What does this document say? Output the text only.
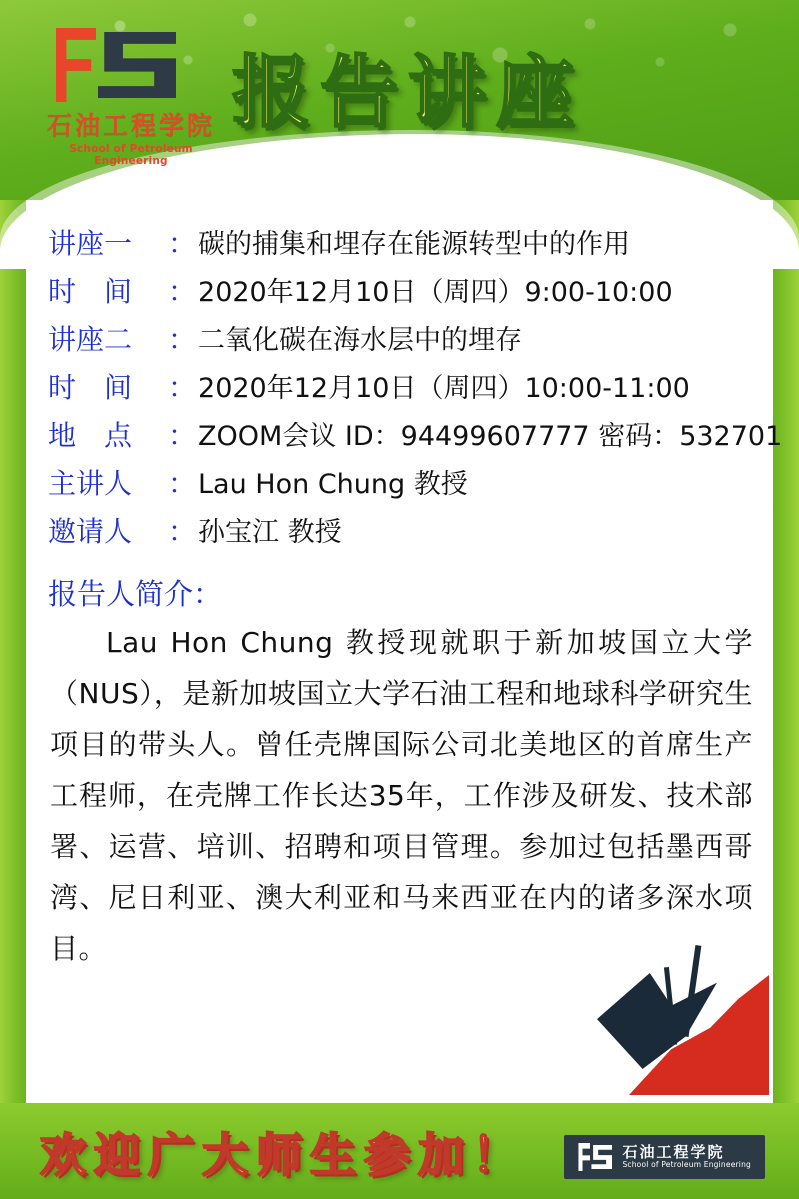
石油工程学院
School of Petroleum Engineering
报告讲座
讲座一	： 碳的捕集和埋存在能源转型中的作用
时　间	： 2020年12月10日（周四）9:00-10:00
讲座二	： 二氧化碳在海水层中的埋存
时　间	： 2020年12月10日（周四）10:00-11:00
地　点	： ZOOM会议 ID：94499607777 密码：532701
主讲人	： Lau Hon Chung 教授
邀请人	： 孙宝江 教授
报告人简介：
Lau Hon Chung 教授现就职于新加坡国立大学（NUS），是新加坡国立大学石油工程和地球科学研究生项目的带头人。曾任壳牌国际公司北美地区的首席生产工程师，在壳牌工作长达35年，工作涉及研发、技术部署、运营、培训、招聘和项目管理。参加过包括墨西哥湾、尼日利亚、澳大利亚和马来西亚在内的诸多深水项目。
欢迎广大师生参加！	石油工程学院
School of Petroleum Engineering
